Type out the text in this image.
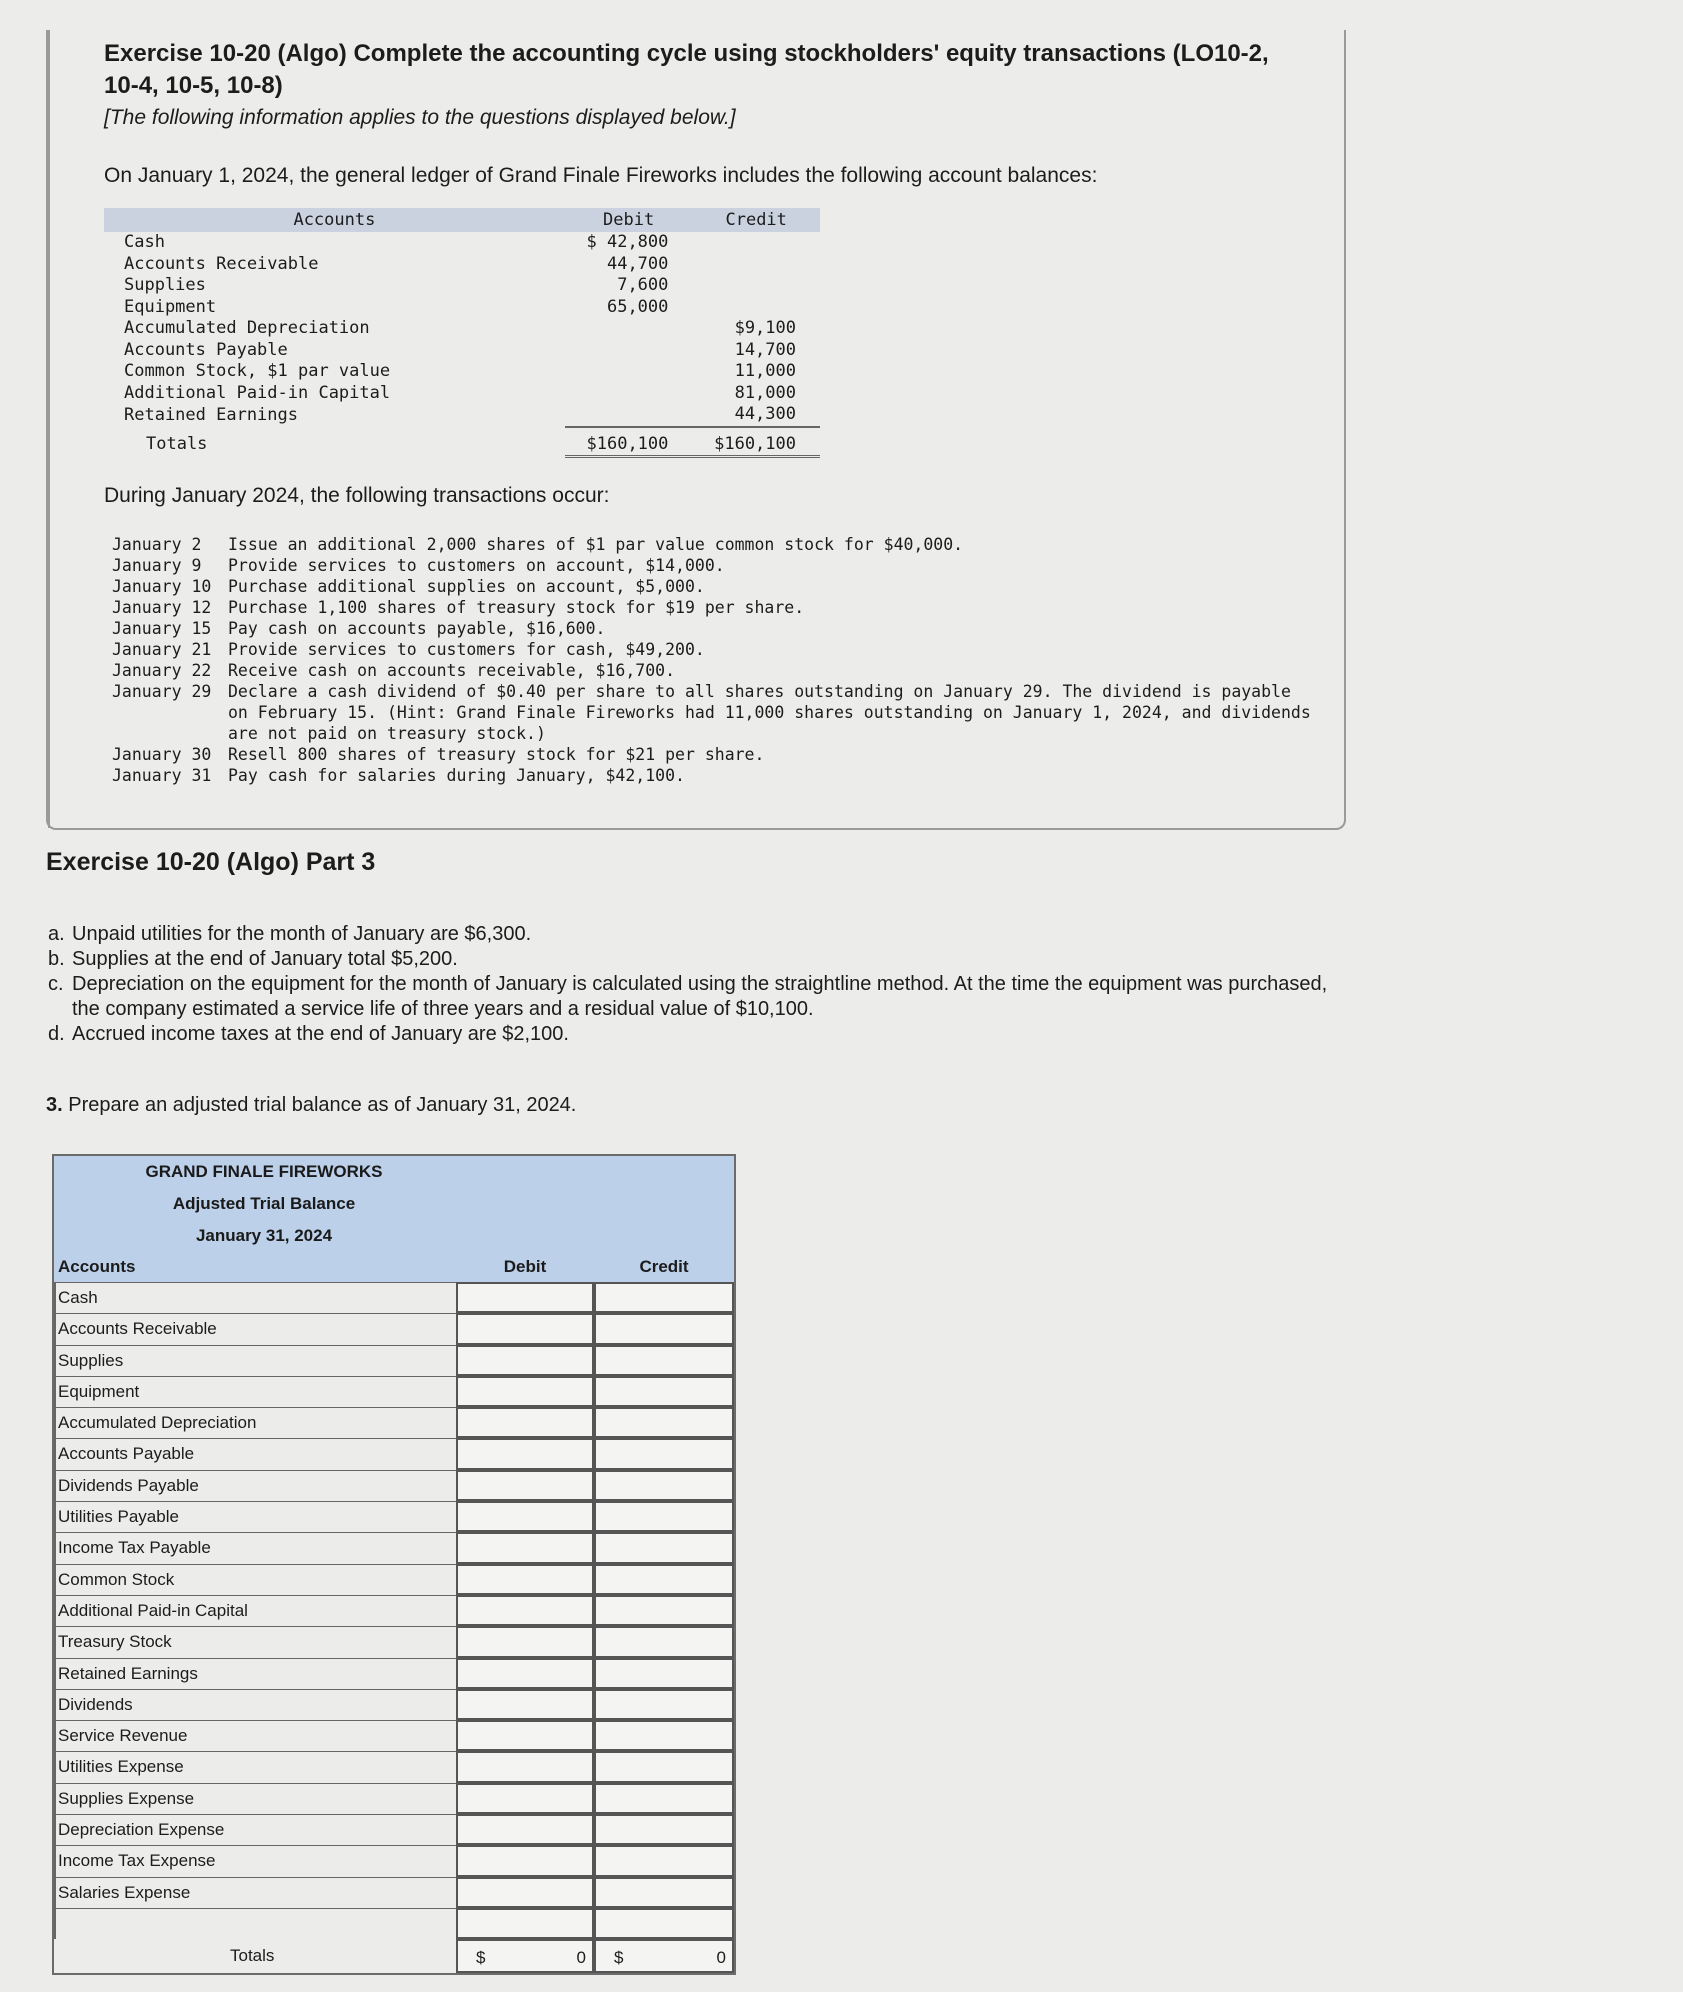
Exercise 10-20 (Algo) Complete the accounting cycle using stockholders' equity transactions (LO10-2, 10-4, 10-5, 10-8)
[The following information applies to the questions displayed below.]
On January 1, 2024, the general ledger of Grand Finale Fireworks includes the following account balances:
Accounts	Debit	Credit
Cash	$ 42,800	
Accounts Receivable	44,700	
Supplies	7,600	
Equipment	65,000	
Accumulated Depreciation		$9,100
Accounts Payable		14,700
Common Stock, $1 par value		11,000
Additional Paid-in Capital		81,000
Retained Earnings		44,300
Totals	$160,100	$160,100
During January 2024, the following transactions occur:
January 2	Issue an additional 2,000 shares of $1 par value common stock for $40,000.
January 9	Provide services to customers on account, $14,000.
January 10	Purchase additional supplies on account, $5,000.
January 12	Purchase 1,100 shares of treasury stock for $19 per share.
January 15	Pay cash on accounts payable, $16,600.
January 21	Provide services to customers for cash, $49,200.
January 22	Receive cash on accounts receivable, $16,700.
January 29	Declare a cash dividend of $0.40 per share to all shares outstanding on January 29. The dividend is payable on February 15. (Hint: Grand Finale Fireworks had 11,000 shares outstanding on January 1, 2024, and dividends are not paid on treasury stock.)
January 30	Resell 800 shares of treasury stock for $21 per share.
January 31	Pay cash for salaries during January, $42,100.
Exercise 10-20 (Algo) Part 3
a. Unpaid utilities for the month of January are $6,300.
b. Supplies at the end of January total $5,200.
c. Depreciation on the equipment for the month of January is calculated using the straightline method. At the time the equipment was purchased, the company estimated a service life of three years and a residual value of $10,100.
d. Accrued income taxes at the end of January are $2,100.
3. Prepare an adjusted trial balance as of January 31, 2024.
GRAND FINALE FIREWORKS
Adjusted Trial Balance
January 31, 2024
Accounts	Debit	Credit
Cash
Accounts Receivable
Supplies
Equipment
Accumulated Depreciation
Accounts Payable
Dividends Payable
Utilities Payable
Income Tax Payable
Common Stock
Additional Paid-in Capital
Treasury Stock
Retained Earnings
Dividends
Service Revenue
Utilities Expense
Supplies Expense
Depreciation Expense
Income Tax Expense
Salaries Expense
Totals	$	0 $	0
